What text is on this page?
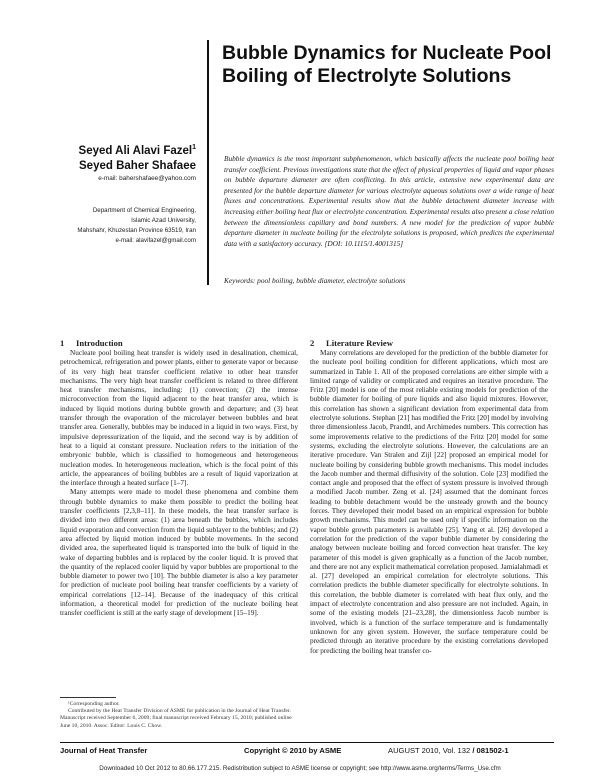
Bubble Dynamics for Nucleate Pool Boiling of Electrolyte Solutions
Seyed Ali Alavi Fazel$^1$
Seyed Baher Shafaee
e-mail: bahershafaee@yahoo.com
Department of Chemical Engineering,
Islamic Azad University,
Mahshahr, Khuzestan Province 63519, Iran
e-mail: alavifazel@gmail.com

Bubble dynamics is the most important subphenomenon, which basically affects the nucleate pool boiling heat transfer coefficient. Previous investigations state that the effect of physical properties of liquid and vapor phases on bubble departure diameter are often conflicting. In this article, extensive new experimental data are presented for the bubble departure diameter for various electrolyte aqueous solutions over a wide range of heat fluxes and concentrations. Experimental results show that the bubble detachment diameter increase with increasing either boiling heat flux or electrolyte concentration. Experimental results also present a close relation between the dimensionless capillary and bond numbers. A new model for the prediction of vapor bubble departure diameter in nucleate boiling for the electrolyte solutions is proposed, which predicts the experimental data with a satisfactory accuracy. [DOI: 10.1115/1.4001315]

Keywords: pool boiling, bubble diameter, electrolyte solutions

1 Introduction

Nucleate pool boiling heat transfer is widely used in desalination, chemical, petrochemical, refrigeration and power plants, either to generate vapor or because of its very high heat transfer coefficient relative to other heat transfer mechanisms. The very high heat transfer coefficient is related to three different heat transfer mechanisms, including: (1) convection; (2) the intense microconvection from the liquid adjacent to the heat transfer area, which is induced by liquid motions during bubble growth and departure; and (3) heat transfer through the evaporation of the microlayer between bubbles and heat transfer area. Generally, bubbles may be induced in a liquid in two ways. First, by impulsive depressurization of the liquid, and the second way is by addition of heat to a liquid at constant pressure. Nucleation refers to the initiation of the embryonic bubble, which is classified to homogeneous and heterogeneous nucleation modes. In heterogeneous nucleation, which is the focal point of this article, the appearances of boiling bubbles are a result of liquid vaporization at the interface through a heated surface [1–7].

Many attempts were made to model these phenomena and combine them through bubble dynamics to make them possible to predict the boiling heat transfer coefficients [2,3,8–11]. In these models, the heat transfer surface is divided into two different areas: (1) area beneath the bubbles, which includes liquid evaporation and convection from the liquid sublayer to the bubbles; and (2) area affected by liquid motion induced by bubble movements. In the second divided area, the superheated liquid is transported into the bulk of liquid in the wake of departing bubbles and is replaced by the cooler liquid. It is proved that the quantity of the replaced cooler liquid by vapor bubbles are proportional to the bubble diameter to power two [10]. The bubble diameter is also a key parameter for prediction of nucleate pool boiling heat transfer coefficients by a variety of empirical correlations [12–14]. Because of the inadequacy of this critical information, a theoretical model for prediction of the nucleate boiling heat transfer coefficient is still at the early stage of development [15–19].

2 Literature Review

Many correlations are developed for the prediction of the bubble diameter for the nucleate pool boiling condition for different applications, which most are summarized in Table 1. All of the proposed correlations are either simple with a limited range of validity or complicated and requires an iterative procedure. The Fritz [20] model is one of the most reliable existing models for prediction of the bubble diameter for boiling of pure liquids and also liquid mixtures. However, this correlation has shown a significant deviation from experimental data from electrolyte solutions. Stephan [21] has modified the Fritz [20] model by involving three dimensionless Jacob, Prandtl, and Archimedes numbers. This correction has some improvements relative to the predictions of the Fritz [20] model for some systems, excluding the electrolyte solutions. However, the calculations are an iterative procedure. Van Stralen and Zijl [22] proposed an empirical model for nucleate boiling by considering bubble growth mechanisms. This model includes the Jacob number and thermal diffusivity of the solution. Cole [23] modified the contact angle and proposed that the effect of system pressure is involved through a modified Jacob number. Zeng et al. [24] assumed that the dominant forces leading to bubble detachment would be the unsteady growth and the bouncy forces. They developed their model based on an empirical expression for bubble growth mechanisms. This model can be used only if specific information on the vapor bubble growth parameters is available [25]. Yang et al. [26] developed a correlation for the prediction of the vapor bubble diameter by considering the analogy between nucleate boiling and forced convection heat transfer. The key parameter of this model is given graphically as a function of the Jacob number, and there are not any explicit mathematical correlation proposed. Jamialahmadi et al. [27] developed an empirical correlation for electrolyte solutions. This correlation predicts the bubble diameter specifically for electrolyte solutions. In this correlation, the bubble diameter is correlated with heat flux only, and the impact of electrolyte concentration and also pressure are not included. Again, in some of the existing models [21–23,28], the dimensionless Jacob number is involved, which is a function of the surface temperature and is fundamentally unknown for any given system. However, the surface temperature could be predicted through an iterative procedure by the existing correlations developed for predicting the boiling heat transfer co-

¹Corresponding author.

Contributed by the Heat Transfer Division of ASME for publication in the Journal of Heat Transfer. Manuscript received September 6, 2009; final manuscript received February 15, 2010; published online June 10, 2010. Assoc. Editor: Louis C. Chow.

Journal of Heat Transfer	Copyright © 2010 by ASME	AUGUST 2010, Vol. 132 / 081502-1
Downloaded 10 Oct 2012 to 80.66.177.215. Redistribution subject to ASME license or copyright; see http://www.asme.org/terms/Terms_Use.cfm
